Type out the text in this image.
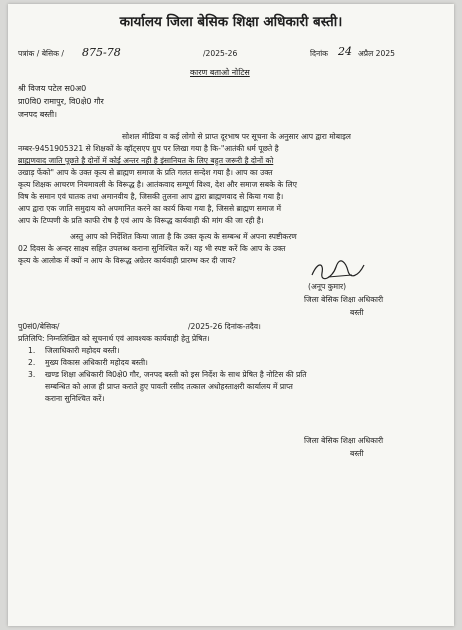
कार्यालय जिला बेसिक शिक्षा अधिकारी बस्ती।
पत्रांक / बेसिक / 875-78	/2025-26	दिनांक 24 अप्रैल 2025
कारण बताओ नोटिस
श्री विजय पटेल स0अ0
प्रा0वि0 रामापुर, वि0क्षे0 गौर
जनपद बस्ती।
सोशल मीडिया व कई लोगो से प्राप्त दूरभाष पर सूचना के अनुसार आप द्वारा मोबाइल
नम्बर-9451905321 से शिक्षकों के व्हॉट्सएप ग्रुप पर लिखा गया है कि-"आतंकी धर्म पूछते है
ब्राह्मणवाद जाति पूछते है दोनों में कोई अन्तर नही है इंसानियत के लिए बहुत जरूरी है दोनों को
उखाड़ फेंको" आप के उक्त कृत्य से ब्राह्मण समाज के प्रति गलत सन्देश गया है। आप का उक्त
कृत्य शिक्षक आचरण नियमावली के विरूद्ध है। आतंकवाद सम्पूर्ण विश्व, देश और समाज सबके के लिए
विष के समान एवं घातक तथा अमानवीय है, जिसकी तुलना आप द्वारा ब्राह्मणवाद से किया गया है।
आप द्वारा एक जाति समुदाय को अपमानित करने का कार्य किया गया है, जिससे ब्राह्मण समाज में
आप के टिप्पणी के प्रति काफी रोष है एवं आप के विरूद्ध कार्यवाही की मांग की जा रही है।
अस्तु आप को निर्देशित किया जाता है कि उक्त कृत्य के सम्बन्ध में अपना स्पष्टीकरण
02 दिवस के अन्दर साक्ष्य सहित उपलब्ध कराना सुनिश्चित करें। यह भी स्पष्ट करें कि आप के उक्त
कृत्य के आलोक में क्यों न आप के विरूद्ध अग्रेतर कार्यवाही प्रारम्भ कर दी जाय?
(अनूप कुमार)
जिला बेसिक शिक्षा अधिकारी
बस्ती
पु0सं0/बेसिक/	/2025-26 दिनांक-तदैव।
प्रतिलिपि: निम्नलिखित को सूचनार्थ एवं आवश्यक कार्यवाही हेतु प्रेषित।
1. जिलाधिकारी महोदय बस्ती।
2. मुख्य विकास अधिकारी महोदय बस्ती।
3. खण्ड शिक्षा अधिकारी वि0क्षे0 गौर, जनपद बस्ती को इस निर्देश के साथ प्रेषित है नोटिस की प्रति
सम्बन्धित को आज ही प्राप्त कराते हुए पावती रसीद तत्काल अधोहस्ताक्षरी कार्यालय में प्राप्त
कराना सुनिश्चित करें।
जिला बेसिक शिक्षा अधिकारी
बस्ती
